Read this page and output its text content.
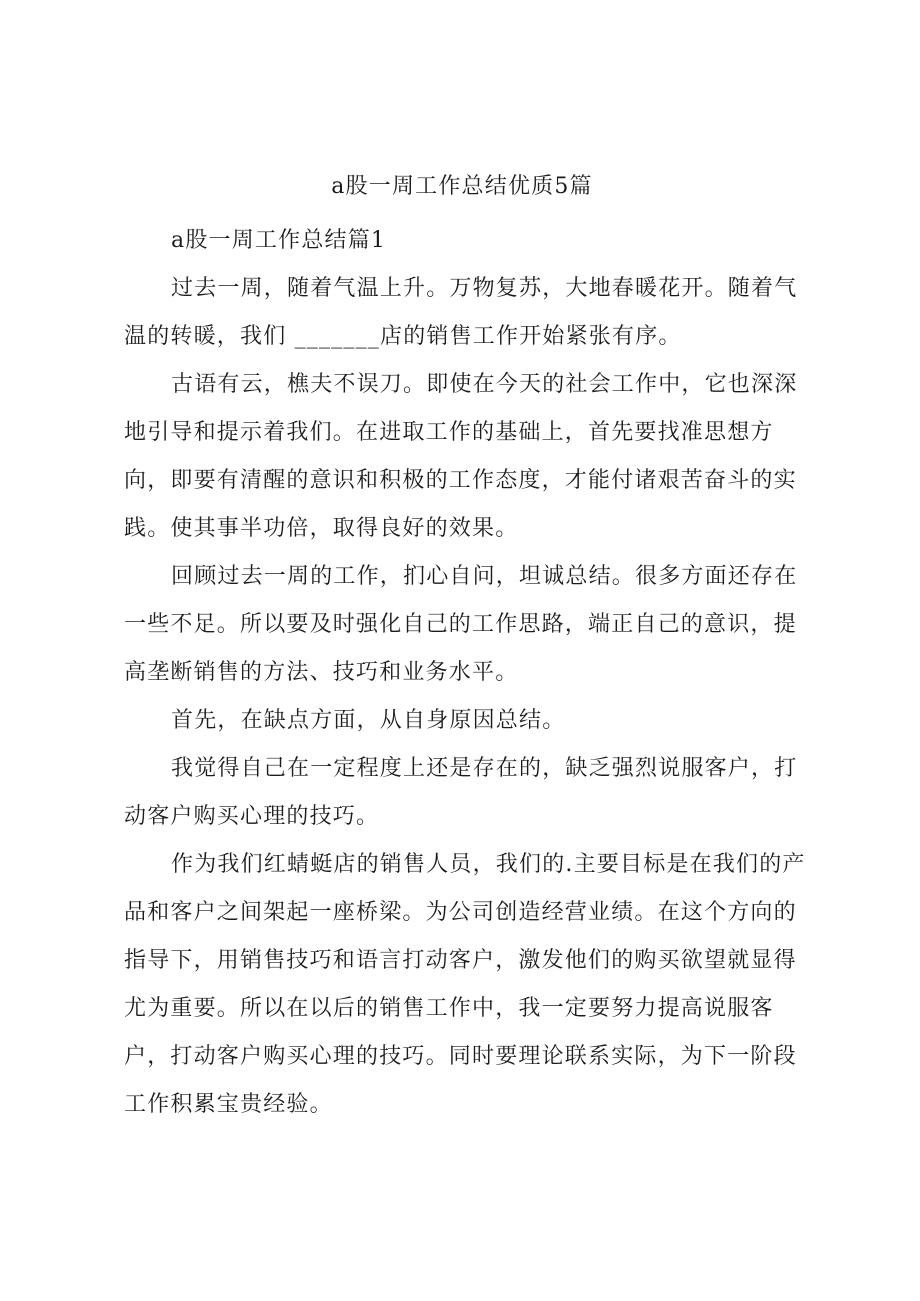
a股一周工作总结优质5篇
a股一周工作总结篇1
过去一周，随着气温上升。万物复苏，大地春暖花开。随着气
温的转暖，我们 _______店的销售工作开始紧张有序。
古语有云，樵夫不误刀。即使在今天的社会工作中，它也深深
地引导和提示着我们。在进取工作的基础上，首先要找准思想方
向，即要有清醒的意识和积极的工作态度，才能付诸艰苦奋斗的实
践。使其事半功倍，取得良好的效果。
回顾过去一周的工作，扪心自问，坦诚总结。很多方面还存在
一些不足。所以要及时强化自己的工作思路，端正自己的意识，提
高垄断销售的方法、技巧和业务水平。
首先，在缺点方面，从自身原因总结。
我觉得自己在一定程度上还是存在的，缺乏强烈说服客户，打
动客户购买心理的技巧。
作为我们红蜻蜓店的销售人员，我们的.主要目标是在我们的产
品和客户之间架起一座桥梁。为公司创造经营业绩。在这个方向的
指导下，用销售技巧和语言打动客户，激发他们的购买欲望就显得
尤为重要。所以在以后的销售工作中，我一定要努力提高说服客
户，打动客户购买心理的技巧。同时要理论联系实际，为下一阶段
工作积累宝贵经验。
